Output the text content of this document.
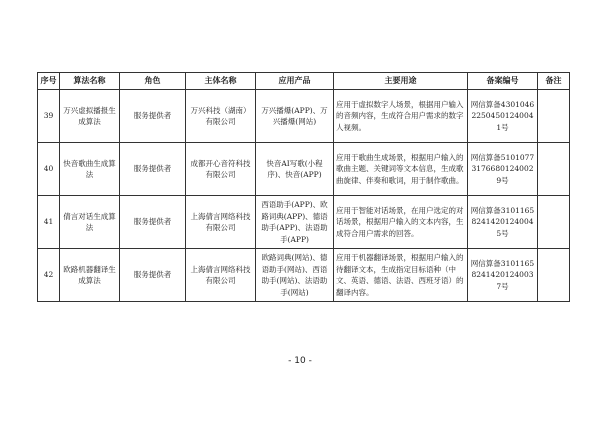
序号	算法名称	角色	主体名称	应用产品	主要用途	备案编号	备注
39	万兴虚拟播报生成算法	服务提供者	万兴科技（湖南）有限公司	万兴播爆(APP)、万兴播爆(网站)	应用于虚拟数字人场景，根据用户输入的音频内容，生成符合用户需求的数字人视频。	网信算备430104622504501240041号	
40	快音歌曲生成算法	服务提供者	成都开心音符科技有限公司	快音AI写歌(小程序)、快音(APP)	应用于歌曲生成场景，根据用户输入的歌曲主题、关键词等文本信息，生成歌曲旋律、伴奏和歌词，用于制作歌曲。	网信算备510107731766801240029号	
41	倩言对话生成算法	服务提供者	上海倩言网络科技有限公司	西语助手(APP)、欧路词典(APP)、德语助手(APP)、法语助手(APP)	应用于智能对话场景，在用户选定的对话场景，根据用户输入的文本内容，生成符合用户需求的回答。	网信算备310116582414201240045号	
42	欧路机器翻译生成算法	服务提供者	上海倩言网络科技有限公司	欧路词典(网站)、德语助手(网站)、西语助手(网站)、法语助手(网站)	应用于机器翻译场景，根据用户输入的待翻译文本，生成指定目标语种（中文、英语、德语、法语、西班牙语）的翻译内容。	网信算备310116582414201240037号	
- 10 -
